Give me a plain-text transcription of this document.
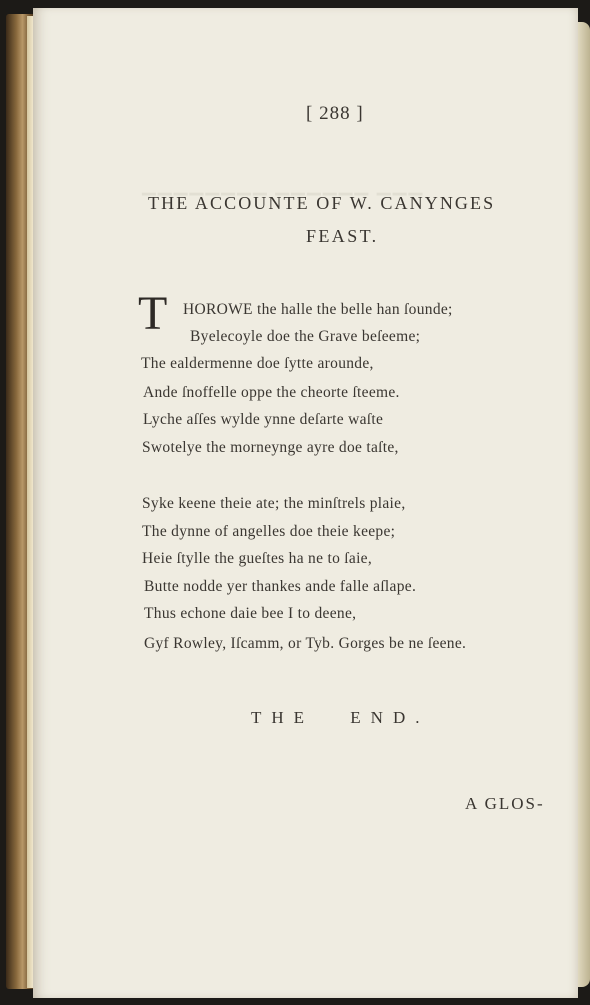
▁▁▁ ▁▁▁▁▁▁ ▁▁▁▁▁▁▁▁
[ 288 ]
THE ACCOUNTE OF W. CANYNGES
FEAST.
T HOROWE the halle the belle han ſounde;
Byelecoyle doe the Grave beſeeme;
The ealdermenne doe ſytte arounde,
Ande ſnoffelle oppe the cheorte ſteeme.
Lyche aſſes wylde ynne deſarte waſte
Swotelye the morneynge ayre doe taſte,
Syke keene theie ate; the minſtrels plaie,
The dynne of angelles doe theie keepe;
Heie ſtylle the gueſtes ha ne to ſaie,
Butte nodde yer thankes ande falle aſlape.
Thus echone daie bee I to deene,
Gyf Rowley, Iſcamm, or Tyb. Gorges be ne ſeene.
THE END.
A GLOS-
